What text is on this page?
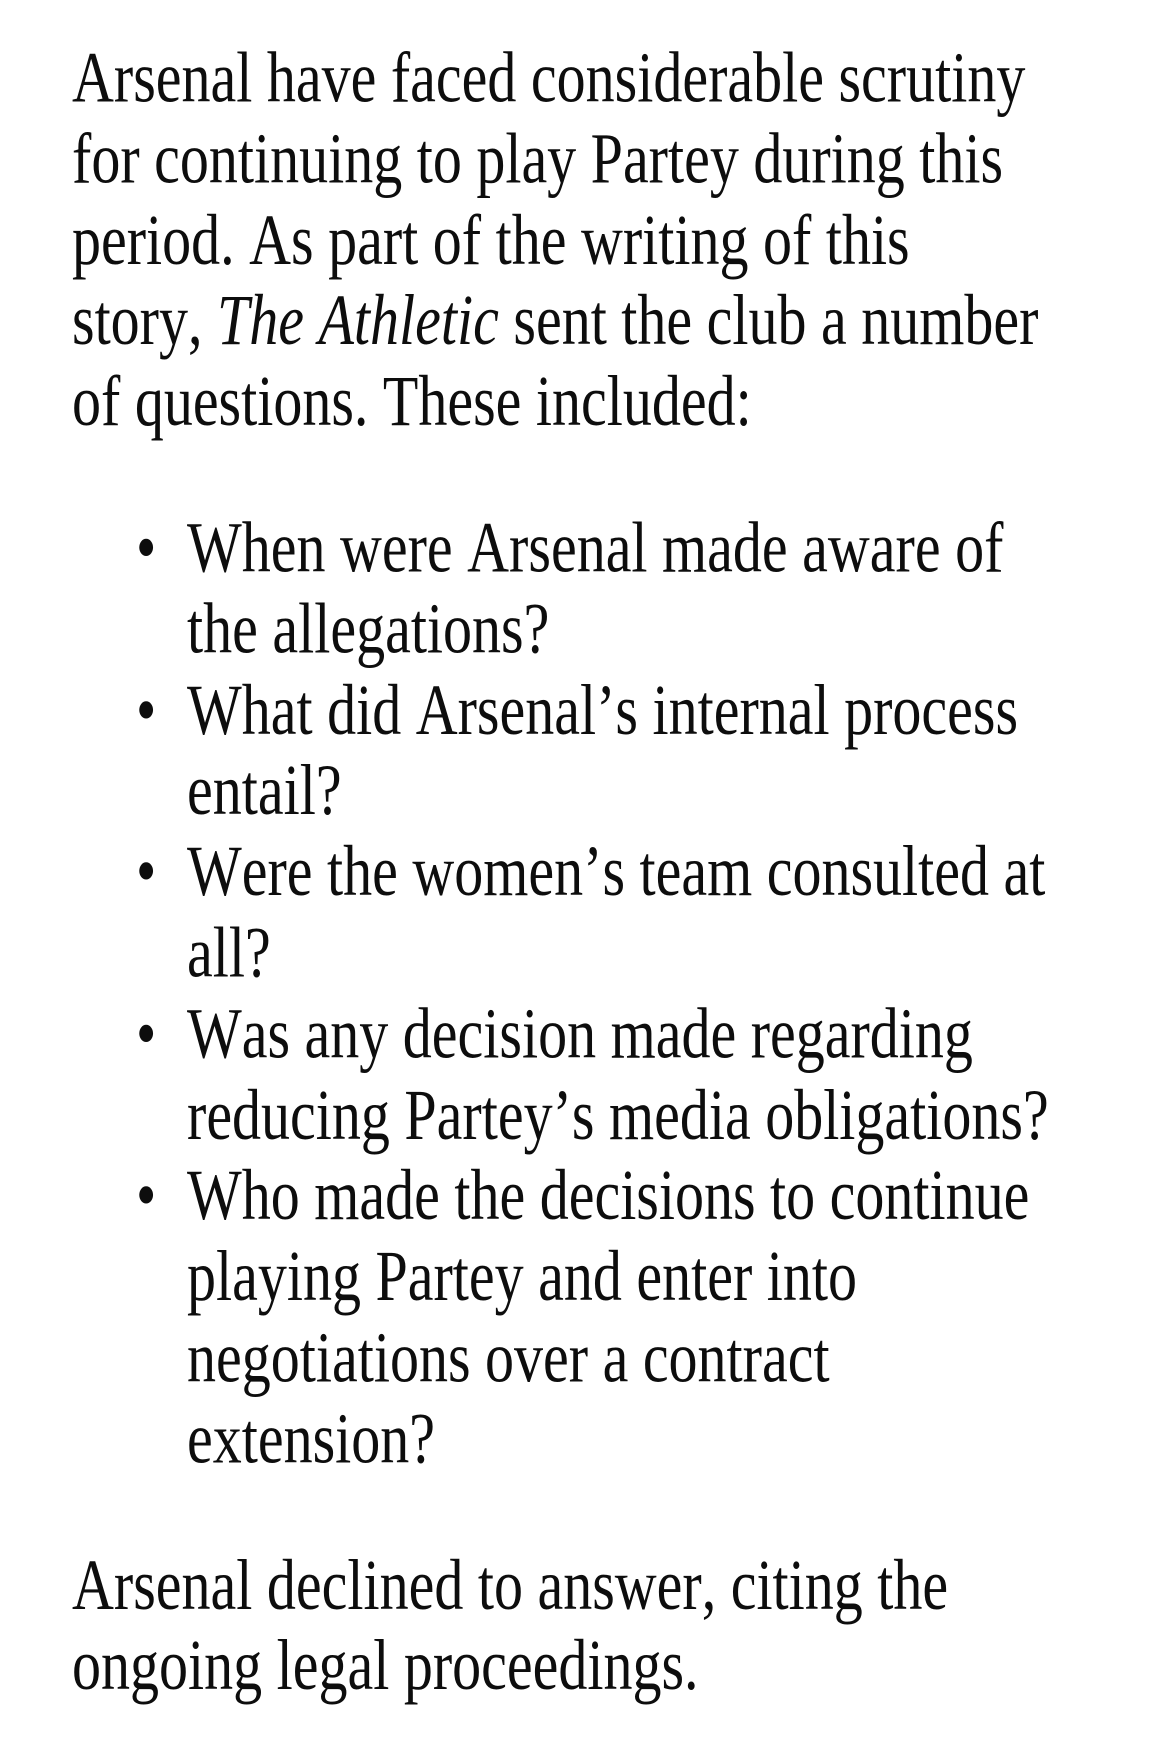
Arsenal have faced considerable scrutiny for continuing to play Partey during this period. As part of the writing of this story, The Athletic sent the club a number of questions. These included:

• When were Arsenal made aware of the allegations?
• What did Arsenal’s internal process entail?
• Were the women’s team consulted at all?
• Was any decision made regarding reducing Partey’s media obligations?
• Who made the decisions to continue playing Partey and enter into negotiations over a contract extension?

Arsenal declined to answer, citing the ongoing legal proceedings.
